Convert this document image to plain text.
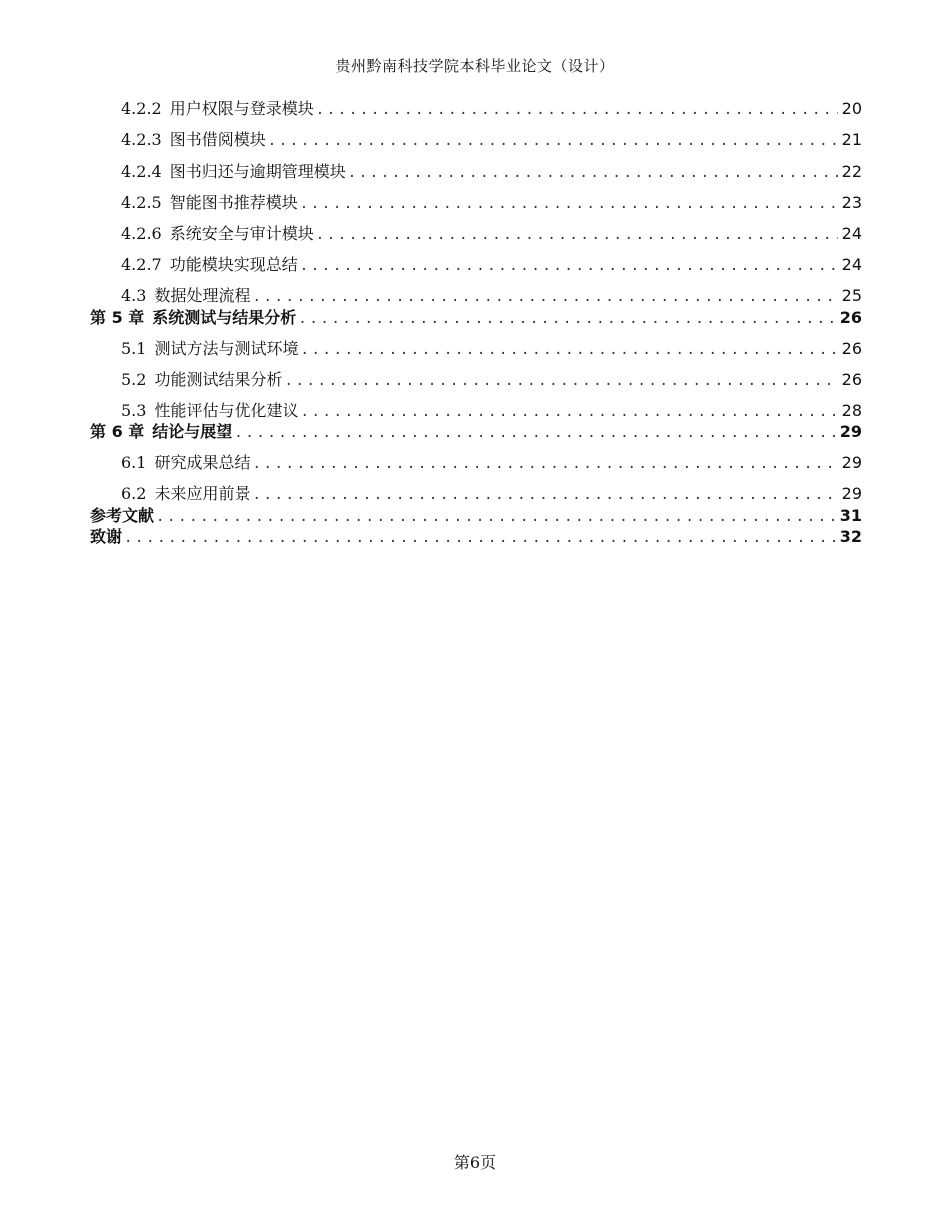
贵州黔南科技学院本科毕业论文（设计）
4.2.2 用户权限与登录模块 .....	20
4.2.3 图书借阅模块 .....	21
4.2.4 图书归还与逾期管理模块 .....	22
4.2.5 智能图书推荐模块 .....	23
4.2.6 系统安全与审计模块 .....	24
4.2.7 功能模块实现总结 .....	24
4.3 数据处理流程 .....	25
第 5 章 系统测试与结果分析 .....	26
5.1 测试方法与测试环境 .....	26
5.2 功能测试结果分析 .....	26
5.3 性能评估与优化建议 .....	28
第 6 章 结论与展望 .....	29
6.1 研究成果总结 .....	29
6.2 未来应用前景 .....	29
参考文献 .....	31
致谢 .....	32
第6页
